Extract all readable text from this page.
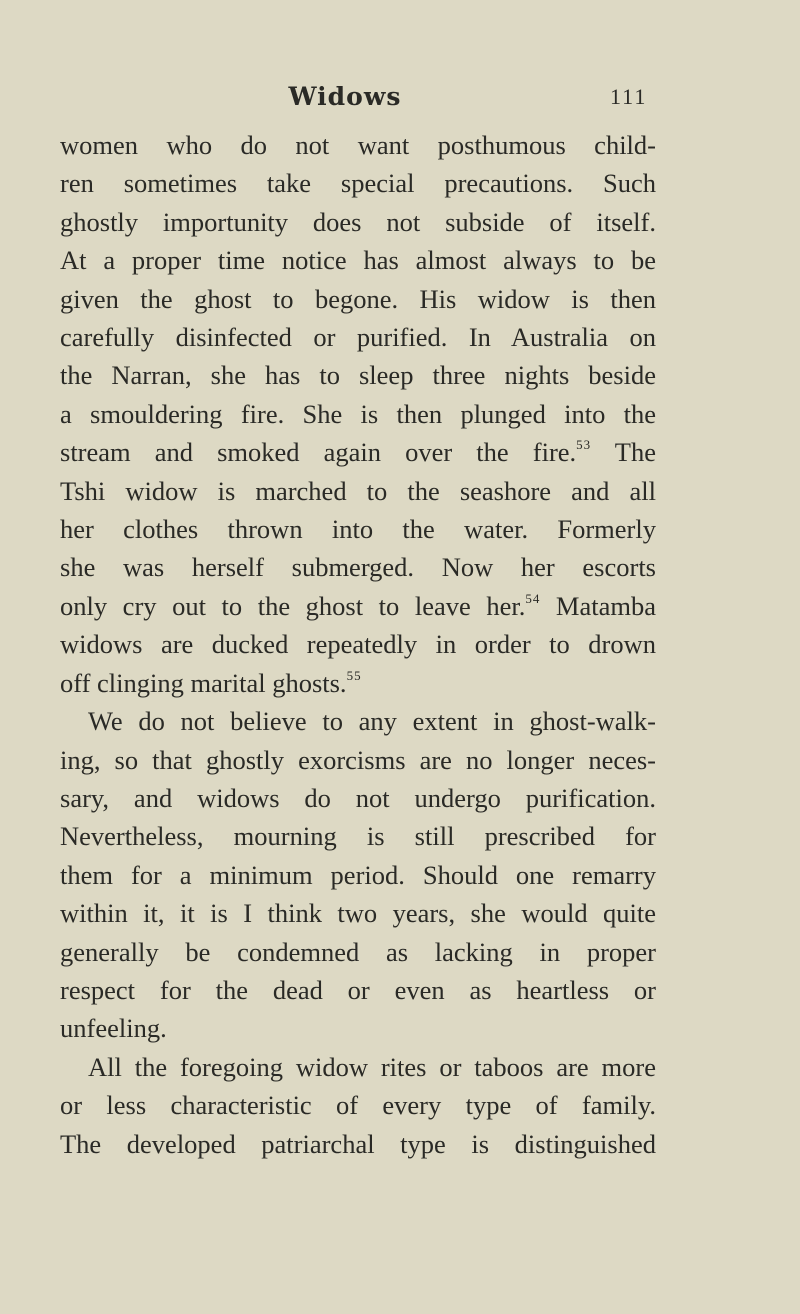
Widows	111
women who do not want posthumous child-
ren sometimes take special precautions. Such
ghostly importunity does not subside of itself.
At a proper time notice has almost always to be
given the ghost to begone. His widow is then
carefully disinfected or purified. In Australia on
the Narran, she has to sleep three nights beside
a smouldering fire. She is then plunged into the
stream and smoked again over the fire.$^{53}$ The
Tshi widow is marched to the seashore and all
her clothes thrown into the water. Formerly
she was herself submerged. Now her escorts
only cry out to the ghost to leave her.$^{54}$ Matamba
widows are ducked repeatedly in order to drown
off clinging marital ghosts.$^{55}$
We do not believe to any extent in ghost-walk-
ing, so that ghostly exorcisms are no longer neces-
sary, and widows do not undergo purification.
Nevertheless, mourning is still prescribed for
them for a minimum period. Should one remarry
within it, it is I think two years, she would quite
generally be condemned as lacking in proper
respect for the dead or even as heartless or
unfeeling.
All the foregoing widow rites or taboos are more
or less characteristic of every type of family.
The developed patriarchal type is distinguished
